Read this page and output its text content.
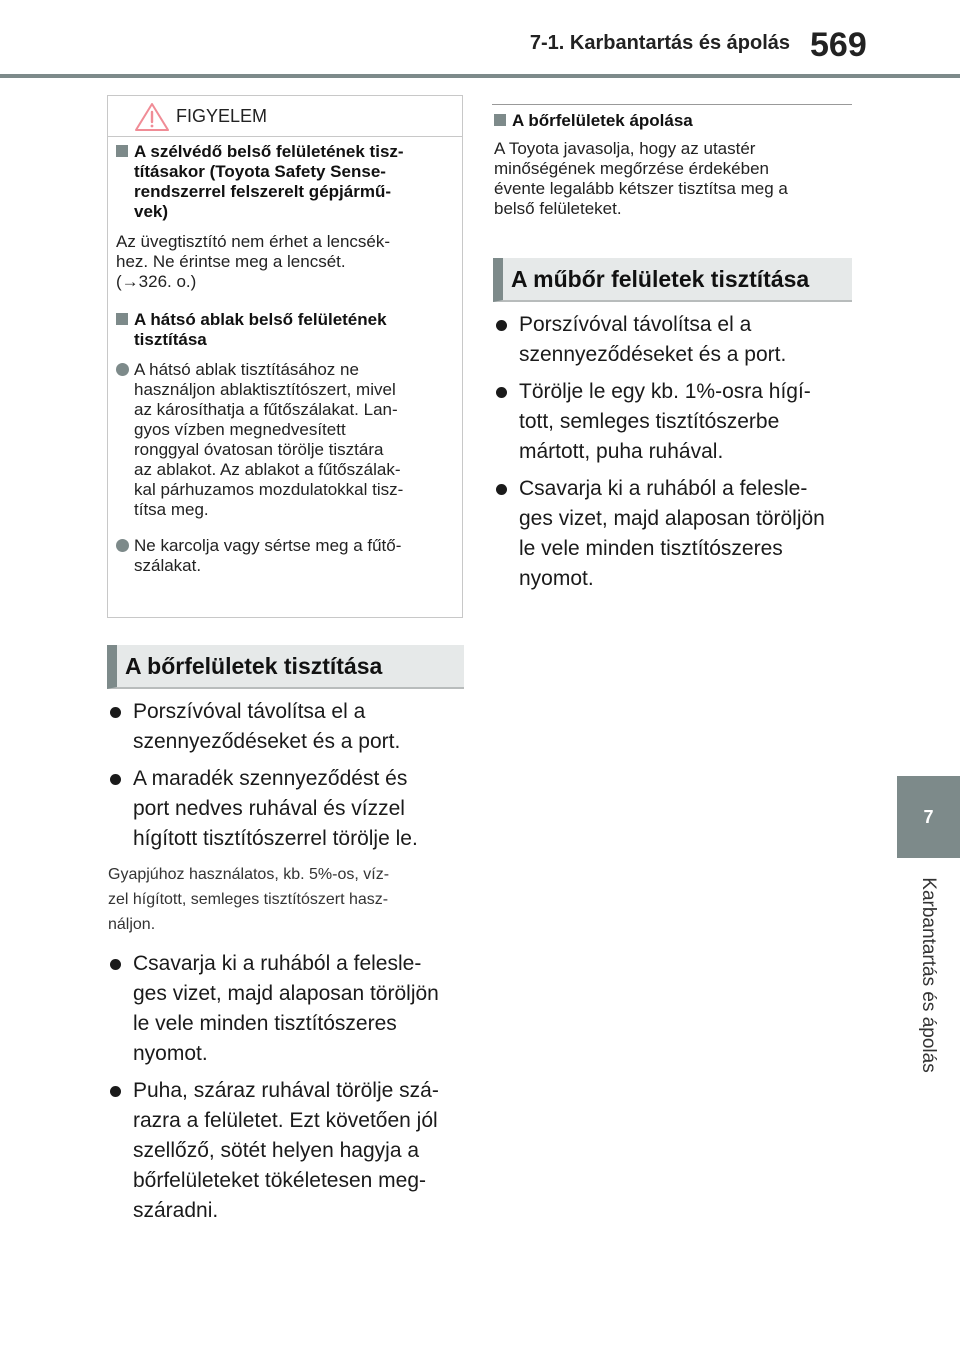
7-1. Karbantartás és ápolás 569
7
Karbantartás és ápolás
FIGYELEM
A szélvédő belső felületének tisz-
tításakor (Toyota Safety Sense-
rendszerrel felszerelt gépjármű-
vek)

Az üvegtisztító nem érhet a lencsék-
hez. Ne érintse meg a lencsét.
(→326. o.)

A hátsó ablak belső felületének
tisztítása
A hátsó ablak tisztításához ne
használjon ablaktisztítószert, mivel
az károsíthatja a fűtőszálakat. Lan-
gyos vízben megnedvesített
ronggyal óvatosan törölje tisztára
az ablakot. Az ablakot a fűtőszálak-
kal párhuzamos mozdulatokkal tisz-
títsa meg.
Ne karcolja vagy sértse meg a fűtő-
szálakat.
A bőrfelületek tisztítása
Porszívóval távolítsa el a
szennyeződéseket és a port.
A maradék szennyeződést és
port nedves ruhával és vízzel
hígított tisztítószerrel törölje le.
Gyapjúhoz használatos, kb. 5%-os, víz-
zel hígított, semleges tisztítószert hasz-
náljon.
Csavarja ki a ruhából a felesle-
ges vizet, majd alaposan töröljön
le vele minden tisztítószeres
nyomot.
Puha, száraz ruhával törölje szá-
razra a felületet. Ezt követően jól
szellőző, sötét helyen hagyja a
bőrfelületeket tökéletesen meg-
száradni.
A bőrfelületek ápolása

A Toyota javasolja, hogy az utastér
minőségének megőrzése érdekében
évente legalább kétszer tisztítsa meg a
belső felületeket.

A műbőr felületek tisztítása
Porszívóval távolítsa el a
szennyeződéseket és a port.
Törölje le egy kb. 1%-osra hígí-
tott, semleges tisztítószerbe
mártott, puha ruhával.
Csavarja ki a ruhából a felesle-
ges vizet, majd alaposan töröljön
le vele minden tisztítószeres
nyomot.
